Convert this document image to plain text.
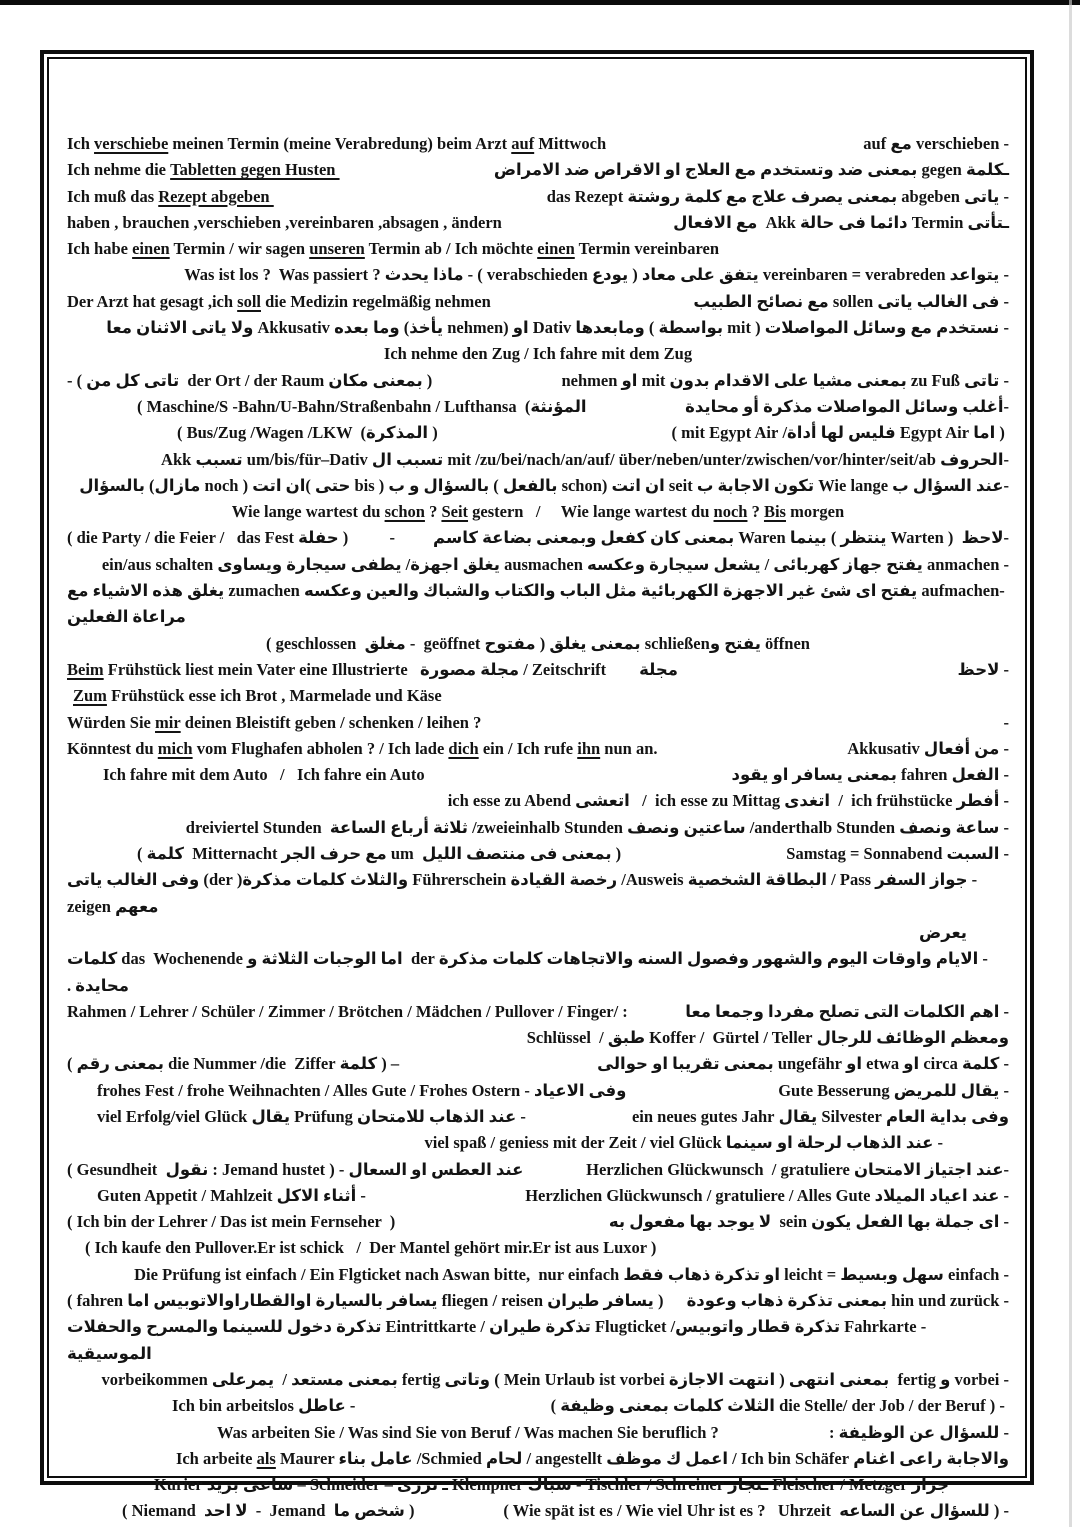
Ich verschiebe meinen Termin (meine Verabredung) beim Arzt auf Mittwoch	- verschieben مع auf
Ich nehme die Tabletten gegen Husten	ـكلمة gegen بمعنى ضد وتستخدم مع العلاج او الاقراص ضد الامراض
Ich muß das Rezept abgeben	- ياتى abgeben بمعنى يصرف علاج مع كلمة روشتة das Rezept
haben , brauchen ,verschieben ,vereinbaren ,absagen , ändern	ـتأتى Termin دائما فى حالة Akk  مع الافعال
Ich habe einen Termin / wir sagen unseren Termin ab / Ich möchte einen Termin vereinbaren
- يتواعد vereinbaren = verabreden يتفق على معاد ( يودع verabschieden ) - ماذا يحدث ? Was ist los ?  Was passiert
Der Arzt hat gesagt ,ich soll die Medizin regelmäßig nehmen	- فى الغالب ياتى sollen مع نصائح الطبيب
- نستخدم مع وسائل المواصلات ( mit بواسطة ) ومابعدها Dativ او (nehmen يأخذ) وما بعده Akkusativ ولا ياتى الاثنان معا
Ich nehme den Zug / Ich fahre mit dem Zug
- ( تاتى كل من  der Ort / der Raum بمعنى مكان )	- تاتى zu Fuß بمعنى مشيا على الاقدام بدون mit او nehmen
( Maschine/S -Bahn/U-Bahn/Straßenbahn / Lufthansa  (المؤنثة	-أغلب وسائل المواصلات مذكرة أو محايدة
( Bus/Zug /Wagen /LKW  (المذكرة )	( اما Egypt Air فليس لها أداة/ mit Egypt Air )
-الحروف mit /zu/bei/nach/an/auf/ über/neben/unter/zwischen/vor/hinter/seit/ab تسبب ال um/bis/für–Dativ تسبب Akk
-عند السؤال ب Wie lange تكون الاجابة ب seit ان اتت (schon بالفعل ) بالسؤال و ب ( bis حتى )ان اتت ( noch مازال) بالسؤال
Wie lange wartest du schon ? Seit gestern   /     Wie lange wartest du noch ? Bis morgen
( die Party / die Feier /   das Fest حفلة )          - -لاحظ  ( Warten ينتظر ) بينما Waren بمعنى كان كفعل وبمعنى بضاعة كاسم
- anmachen يفتح جهاز كهربائى / يشعل سيجارة وعكسه ausmachen يغلق اجهزة/ يطفى سيجارة ويساوى ein/aus schalten
-aufmachen يفتح اى شئ غير الاجهزة الكهربائية مثل الباب والكتاب والشباك والعين وعكسه zumachen يغلق هذه الاشياء مع مراعاة الفعلين
öffnen يفتح وschließen بمعنى يغلق ( مفتوح geöffnet  - مغلق  geschlossen )
Beim Frühstück liest mein Vater eine Illustrierte   مجلة مصورة / Zeitschrift        مجلة	- لاحظ
Zum Frühstück esse ich Brot , Marmelade und Käse
Würden Sie mir deinen Bleistift geben / schenken / leihen ?	-
Könntest du mich vom Flughafen abholen ? / Ich lade dich ein / Ich rufe ihn nun an.	- من أفعال Akkusativ
Ich fahre mit dem Auto   /   Ich fahre ein Auto	- الفعل fahren بمعنى يسافر او يقود
- أفطر ich frühstücke  /  اتغدى ich esse zu Mittag  /   اتعشى ich esse zu Abend
- ساعة ونصف anderthalb Stunden/ ساعتين ونصف zweieinhalb Stunden/ ثلاثة أرباع الساعة  dreiviertel Stunden
( كلمة  Mitternacht مع حرف الجر um  بمعنى فى منتصف الليل )	- السبت Samstag = Sonnabend
- جواز السفر Pass / البطاقة الشخصية Ausweis/ رخصة القيادة Führerschein والثلاث كلمات مذكرة( der) وفى الغالب ياتى معهم zeigen
يعرض
- الايام واوقات اليوم والشهور وفصول السنه والاتجاهات كلمات مذكرة der  اما الوجبات الثلاثة و das  Wochenende كلمات  محايدة .
Rahmen / Lehrer / Schüler / Zimmer / Brötchen / Mädchen / Pullover / Finger/ :	- اهم الكلمات التى تصلح مفردا وجمعا معا
ومعظم الوظائف للرجال Koffer /  Gürtel / Teller طبق /  Schlüssel
– ( كلمة die Nummer /die  Ziffer بمعنى رقم )	- كلمة circa او etwa او ungefähr بمعنى تقريبا او حوالى
frohes Fest / frohe Weihnachten / Alles Gute / Frohes Ostern - وفى الاعياد	Gute Besserung - يقال للمريض
viel Erfolg/viel Glück يقال Prüfung عند الذهاب للامتحان -	وفى بداية العام Silvester يقال ein neues gutes Jahr
- عند الذهاب لرحلة او سينما viel spaß / geniess mit der Zeit / viel Glück
( Gesundheit  نقول : Jemand hustet ) - عند العطس او السعال	Herzlichen Glückwunsch  / gratuliere -عند اجتياز الامتحان
Guten Appetit / Mahlzeit - أثناء الاكل	Herzlichen Glückwunsch / gratuliere / Alles Gute - عند اعياد الميلاد
( Ich bin der Lehrer / Das ist mein Fernseher  )	- اى جملة بها الفعل يكون sein  لا يوجد بها مفعول به
( Ich kaufe den Pullover.Er ist schick   /  Der Mantel gehört mir.Er ist aus Luxor )
- einfach سهل وبسيط = leicht او تذكرة ذهاب فقط Die Prüfung ist einfach / Ein Flgticket nach Aswan bitte,  nur einfach
( fahren يسافر بالسيارة اوالقطاراوالاتوبيس اما fliegen / reisen يسافر طيران ) - hin und zurück بمعنى تذكرة ذهاب وعودة
- Fahrkarte تذكرة قطار واتوبيس/ Flugticket تذكرة طيران / Eintrittkarte تذكرة دخول للسينما والمسرح والحفلات الموسيقية
- vorbei و fertig  بمعنى انتهى ( انتهت الاجازة Mein Urlaub ist vorbei ) وتاتى fertig بمعنى مستعد /  يمرعلى vorbeikommen
Ich bin arbeitslos - عاطل	- ( die Stelle/ der Job / der Beruf الثلاث كلمات بمعنى وظيفة )
Was arbeiten Sie / Was sind Sie von Beruf / Was machen Sie beruflich ?	- للسؤال عن الوظيفة :
Ich arbeite als Maurer والاجابة راعى اغنام Ich bin Schäfer / اعمل ك موظف angestellt / لحام Schmied/ عامل بناء
جزار Fleischer / Metzger ـنجار Tischler / Schreiner - سباك Klempner ـ ترزى – Schneider – ساعى بريد Kurier
( Niemand  لا احد  -  Jemand  شخص ما )	( Wie spät ist es / Wie viel Uhr ist es ?   Uhrzeit  للسؤال عن الساعه ) -
